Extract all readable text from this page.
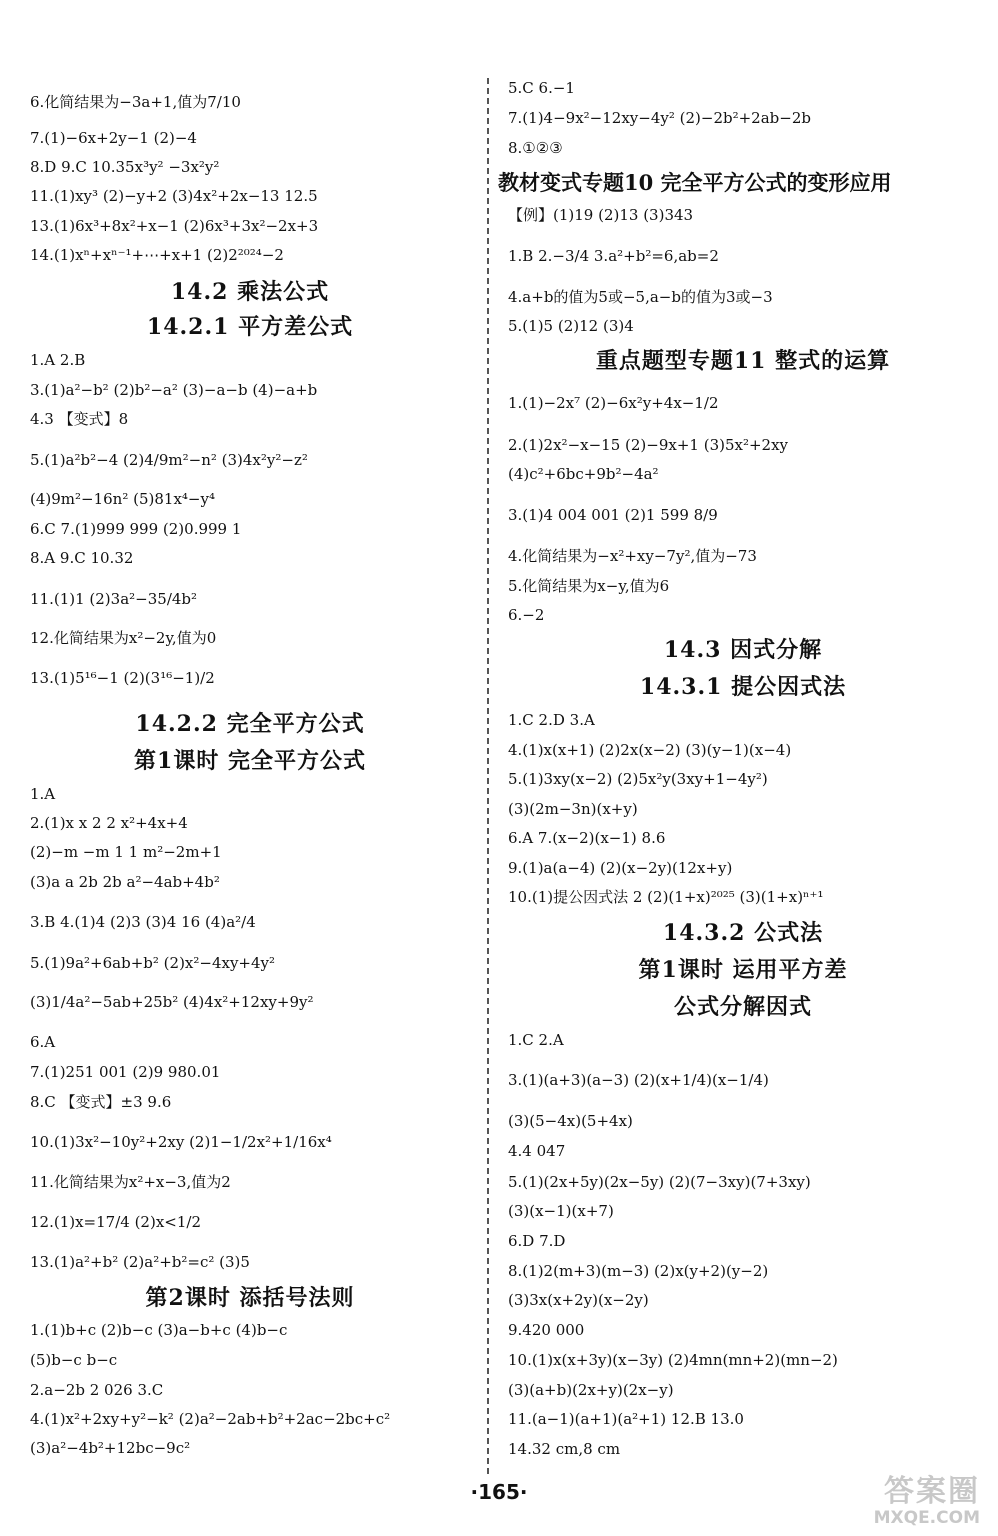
6.化简结果为−3a+1,值为7/10
7.(1)−6x+2y−1 (2)−4
8.D 9.C 10.35x³y² −3x²y²
11.(1)xy³ (2)−y+2 (3)4x²+2x−13 12.5
13.(1)6x³+8x²+x−1 (2)6x³+3x²−2x+3
14.(1)xⁿ+xⁿ⁻¹+⋯+x+1 (2)2²⁰²⁴−2
14.2 乘法公式
14.2.1 平方差公式
1.A 2.B
3.(1)a²−b² (2)b²−a² (3)−a−b (4)−a+b
4.3 【变式】8
5.(1)a²b²−4 (2)4/9m²−n² (3)4x²y²−z²
(4)9m²−16n² (5)81x⁴−y⁴
6.C 7.(1)999 999 (2)0.999 1
8.A 9.C 10.32
11.(1)1 (2)3a²−35/4b²
12.化简结果为x²−2y,值为0
13.(1)5¹⁶−1 (2)(3¹⁶−1)/2
14.2.2 完全平方公式
第1课时 完全平方公式
1.A
2.(1)x x 2 2 x²+4x+4
(2)−m −m 1 1 m²−2m+1
(3)a a 2b 2b a²−4ab+4b²
3.B 4.(1)4 (2)3 (3)4 16 (4)a²/4
5.(1)9a²+6ab+b² (2)x²−4xy+4y²
(3)1/4a²−5ab+25b² (4)4x²+12xy+9y²
6.A
7.(1)251 001 (2)9 980.01
8.C 【变式】±3 9.6
10.(1)3x²−10y²+2xy (2)1−1/2x²+1/16x⁴
11.化简结果为x²+x−3,值为2
12.(1)x=17/4 (2)x<1/2
13.(1)a²+b² (2)a²+b²=c² (3)5
第2课时 添括号法则
1.(1)b+c (2)b−c (3)a−b+c (4)b−c
(5)b−c b−c
2.a−2b 2 026 3.C
4.(1)x²+2xy+y²−k² (2)a²−2ab+b²+2ac−2bc+c²
(3)a²−4b²+12bc−9c²
5.C 6.−1
7.(1)4−9x²−12xy−4y² (2)−2b²+2ab−2b
8.①②③
教材变式专题10 完全平方公式的变形应用
【例】(1)19 (2)13 (3)343
1.B 2.−3/4 3.a²+b²=6,ab=2
4.a+b的值为5或−5,a−b的值为3或−3
5.(1)5 (2)12 (3)4
重点题型专题11 整式的运算
1.(1)−2x⁷ (2)−6x²y+4x−1/2
2.(1)2x²−x−15 (2)−9x+1 (3)5x²+2xy
(4)c²+6bc+9b²−4a²
3.(1)4 004 001 (2)1 599 8/9
4.化简结果为−x²+xy−7y²,值为−73
5.化简结果为x−y,值为6
6.−2
14.3 因式分解
14.3.1 提公因式法
1.C 2.D 3.A
4.(1)x(x+1) (2)2x(x−2) (3)(y−1)(x−4)
5.(1)3xy(x−2) (2)5x²y(3xy+1−4y²)
(3)(2m−3n)(x+y)
6.A 7.(x−2)(x−1) 8.6
9.(1)a(a−4) (2)(x−2y)(12x+y)
10.(1)提公因式法 2 (2)(1+x)²⁰²⁵ (3)(1+x)ⁿ⁺¹
14.3.2 公式法
第1课时 运用平方差
公式分解因式
1.C 2.A
3.(1)(a+3)(a−3) (2)(x+1/4)(x−1/4)
(3)(5−4x)(5+4x)
4.4 047
5.(1)(2x+5y)(2x−5y) (2)(7−3xy)(7+3xy)
(3)(x−1)(x+7)
6.D 7.D
8.(1)2(m+3)(m−3) (2)x(y+2)(y−2)
(3)3x(x+2y)(x−2y)
9.420 000
10.(1)x(x+3y)(x−3y) (2)4mn(mn+2)(mn−2)
(3)(a+b)(2x+y)(2x−y)
11.(a−1)(a+1)(a²+1) 12.B 13.0
14.32 cm,8 cm
·165·	答案圈
MXQE.COM
